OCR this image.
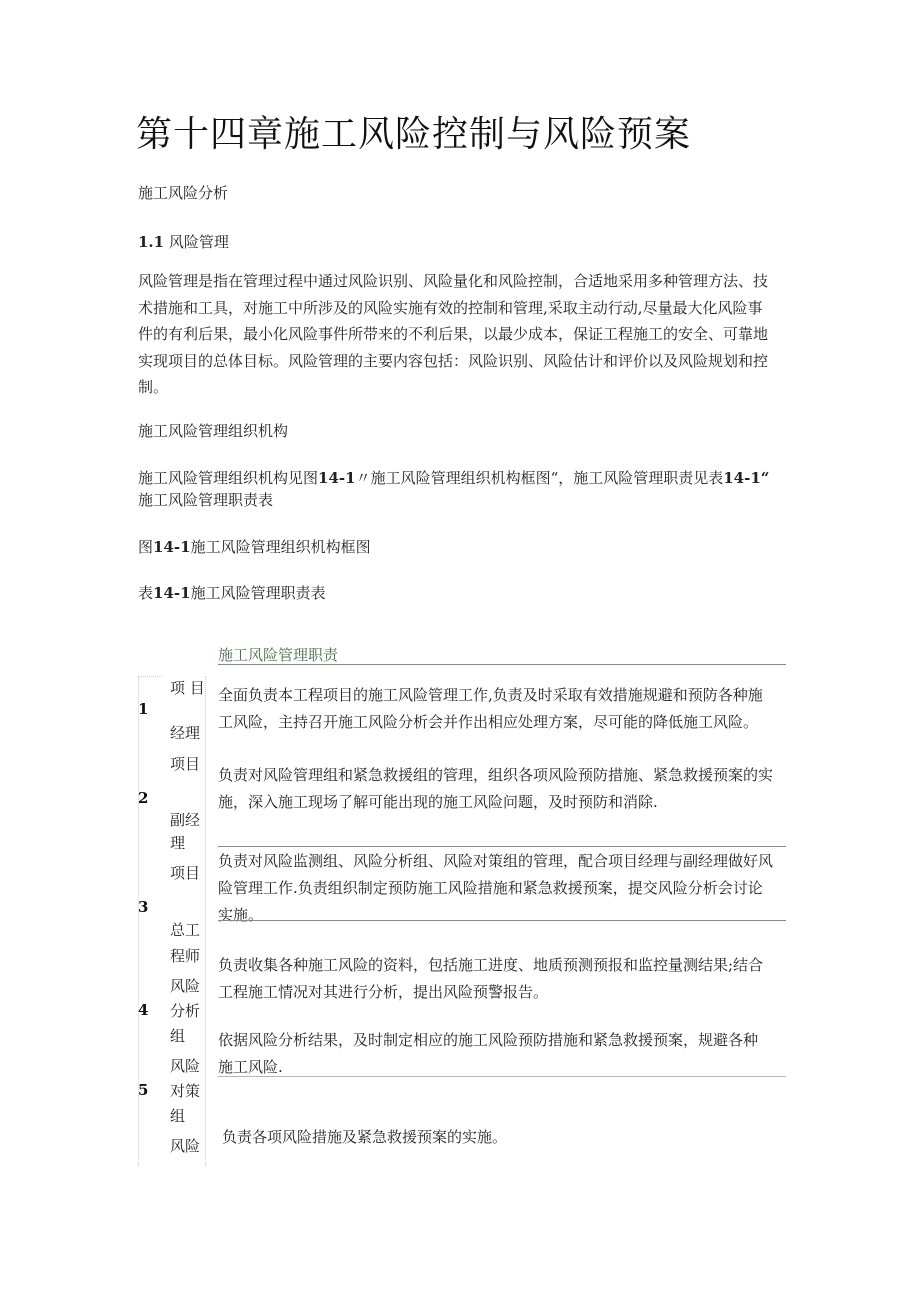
第十四章施工风险控制与风险预案
施工风险分析
1.1 风险管理
风险管理是指在管理过程中通过风险识别、风险量化和风险控制，合适地采用多种管理方法、技
术措施和工具，对施工中所涉及的风险实施有效的控制和管理,采取主动行动,尽量最大化风险事
件的有利后果，最小化风险事件所带来的不利后果，以最少成本，保证工程施工的安全、可靠地
实现项目的总体目标。风险管理的主要内容包括：风险识别、风险估计和评价以及风险规划和控
制。
施工风险管理组织机构
施工风险管理组织机构见图14-1〃施工风险管理组织机构框图“，施工风险管理职责见表14-1“
施工风险管理职责表
图14-1施工风险管理组织机构框图
表14-1施工风险管理职责表
施工风险管理职责
1
2
3
4
5
项 目
经理
项目
副经
理
项目
总工
程师
风险
分析
组
风险
对策
组
风险
全面负责本工程项目的施工风险管理工作,负责及时采取有效措施规避和预防各种施
工风险，主持召开施工风险分析会并作出相应处理方案，尽可能的降低施工风险。
负责对风险管理组和紧急救援组的管理，组织各项风险预防措施、紧急救援预案的实
施，深入施工现场了解可能出现的施工风险问题，及时预防和消除.
负责对风险监测组、风险分析组、风险对策组的管理，配合项目经理与副经理做好风
险管理工作.负责组织制定预防施工风险措施和紧急救援预案，提交风险分析会讨论
实施。
负责收集各种施工风险的资料，包括施工进度、地质预测预报和监控量测结果;结合
工程施工情况对其进行分析，提出风险预警报告。
依据风险分析结果，及时制定相应的施工风险预防措施和紧急救援预案，规避各种
施工风险.
负责各项风险措施及紧急救援预案的实施。
